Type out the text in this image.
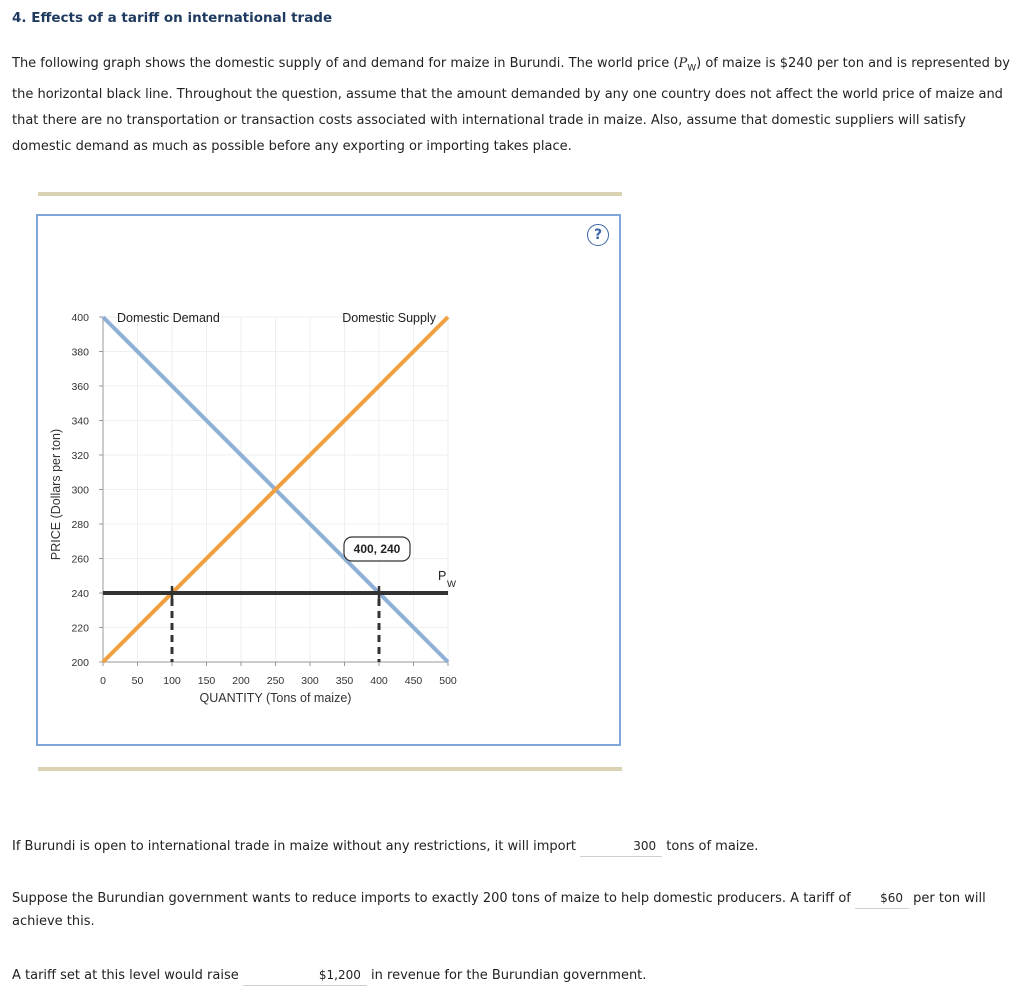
4. Effects of a tariff on international trade
The following graph shows the domestic supply of and demand for maize in Burundi. The world price $(P_W)$ of maize is $240 per ton and is represented by the horizontal black line. Throughout the question, assume that the amount demanded by any one country does not affect the world price of maize and that there are no transportation or transaction costs associated with international trade in maize. Also, assume that domestic suppliers will satisfy domestic demand as much as possible before any exporting or importing takes place.
?
200
220
240
260
280
300
320
340
360
380
400
0 50 100 150 200 250 300 350 400 450 500
QUANTITY (Tons of maize)
PRICE (Dollars per ton)
Domestic Demand	Domestic Supply
P
W
400, 240
If Burundi is open to international trade in maize without any restrictions, it will import	300 tons of maize.
Suppose the Burundian government wants to reduce imports to exactly 200 tons of maize to help domestic producers. A tariff of $60 per ton will
achieve this.
A tariff set at this level would raise	$1,200 in revenue for the Burundian government.
